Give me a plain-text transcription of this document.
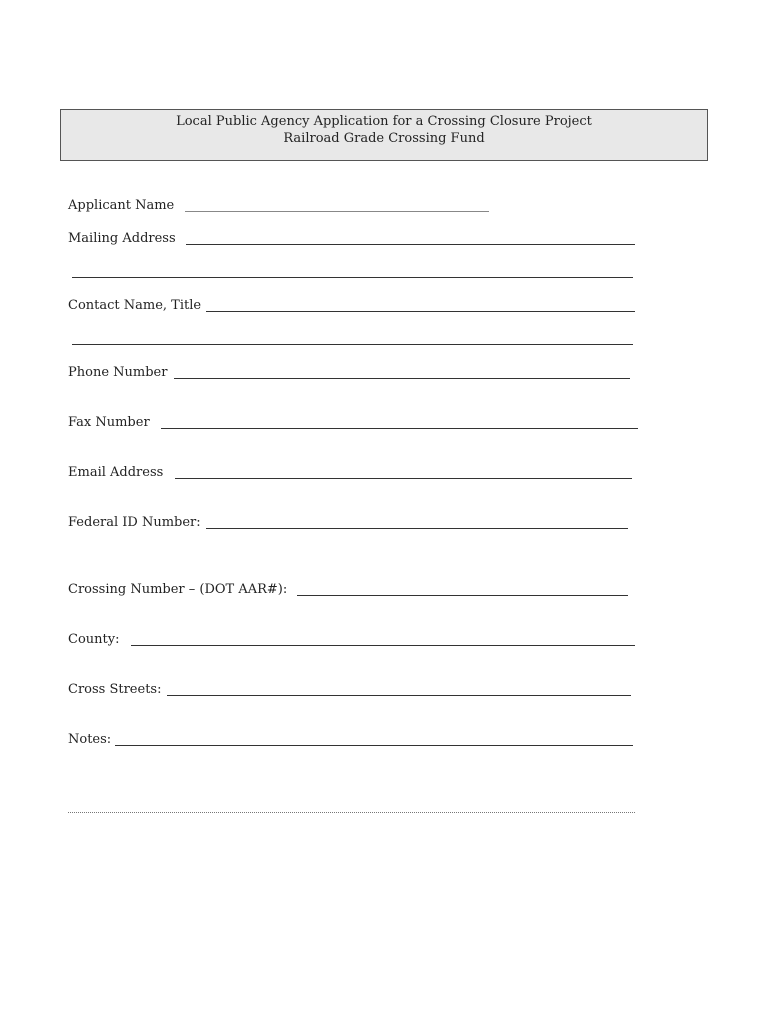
Local Public Agency Application for a Crossing Closure Project
Railroad Grade Crossing Fund
Applicant Name
Mailing Address
Contact Name, Title
Phone Number
Fax Number
Email Address
Federal ID Number:
Crossing Number – (DOT AAR#):
County:
Cross Streets:
Notes:
